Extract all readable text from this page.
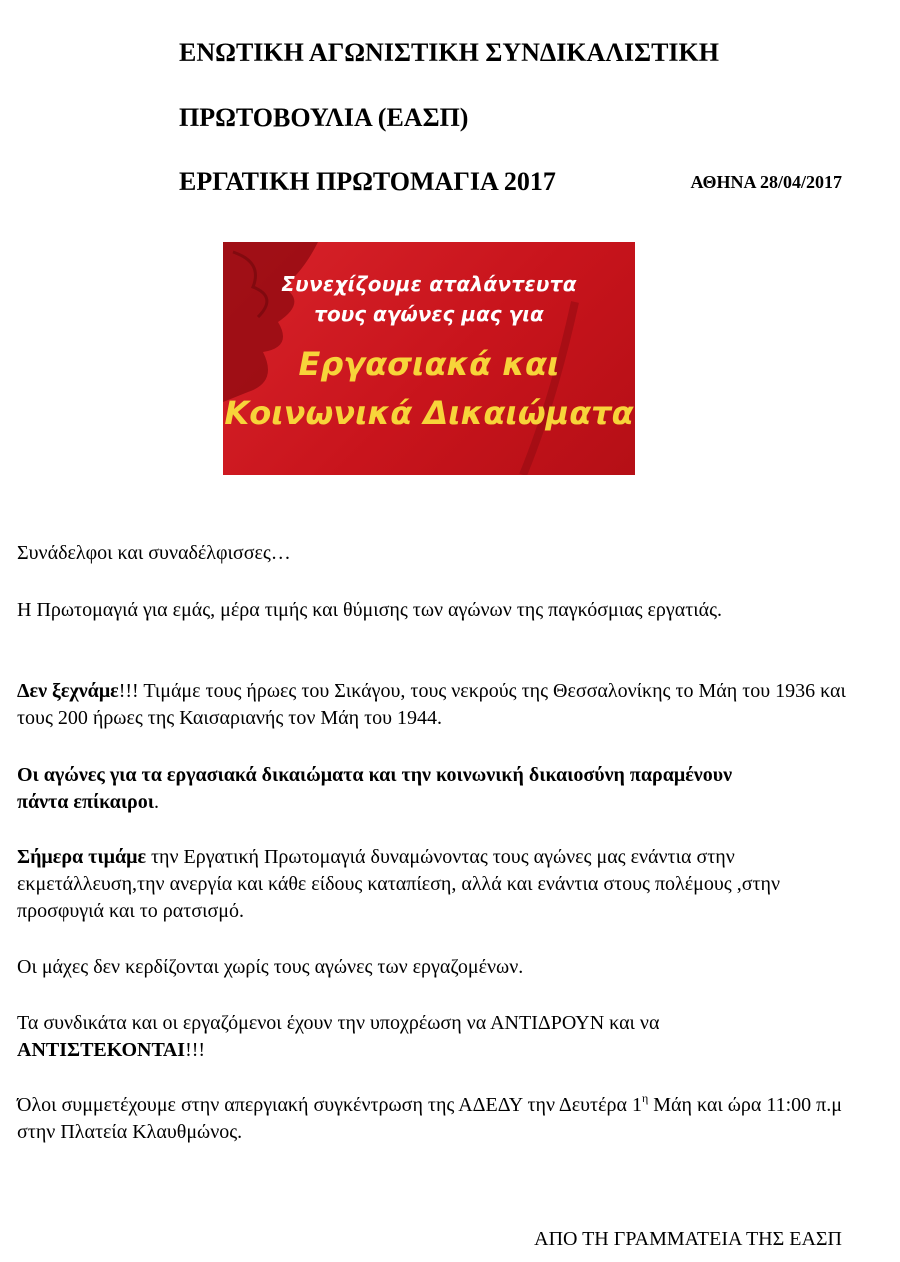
ΕΝΩΤΙΚΗ ΑΓΩΝΙΣΤΙΚΗ ΣΥΝΔΙΚΑΛΙΣΤΙΚΗ
ΠΡΩΤΟΒΟΥΛΙΑ (ΕΑΣΠ)
ΕΡΓΑΤΙΚΗ ΠΡΩΤΟΜΑΓΙΑ 2017	ΑΘΗΝΑ 28/04/2017
Συνεχίζουμε αταλάντευτα
τους αγώνες μας για
Εργασιακά και
Κοινωνικά Δικαιώματα
Συνάδελφοι και συναδέλφισσες…
Η Πρωτομαγιά για εμάς, μέρα τιμής και θύμισης των αγώνων της παγκόσμιας εργατιάς.
Δεν ξεχνάμε!!! Τιμάμε τους ήρωες του Σικάγου, τους νεκρούς της Θεσσαλονίκης το Μάη του 1936 και τους 200 ήρωες της Καισαριανής τον Μάη του 1944.
Οι αγώνες για τα εργασιακά δικαιώματα και την κοινωνική δικαιοσύνη παραμένουν πάντα επίκαιροι.
Σήμερα τιμάμε την Εργατική Πρωτομαγιά δυναμώνοντας τους αγώνες μας ενάντια στην εκμετάλλευση,την ανεργία και κάθε είδους καταπίεση, αλλά και ενάντια στους πολέμους ,στην προσφυγιά και το ρατσισμό.
Οι μάχες δεν κερδίζονται χωρίς τους αγώνες των εργαζομένων.
Τα συνδικάτα και οι εργαζόμενοι έχουν την υποχρέωση να ΑΝΤΙΔΡΟΥΝ και να ΑΝΤΙΣΤΕΚΟΝΤΑΙ!!!
Όλοι συμμετέχουμε στην απεργιακή συγκέντρωση της ΑΔΕΔΥ την Δευτέρα $1^\eta$ Μάη και ώρα 11:00 π.μ στην Πλατεία Κλαυθμώνος.
ΑΠΟ ΤΗ ΓΡΑΜΜΑΤΕΙΑ ΤΗΣ ΕΑΣΠ
